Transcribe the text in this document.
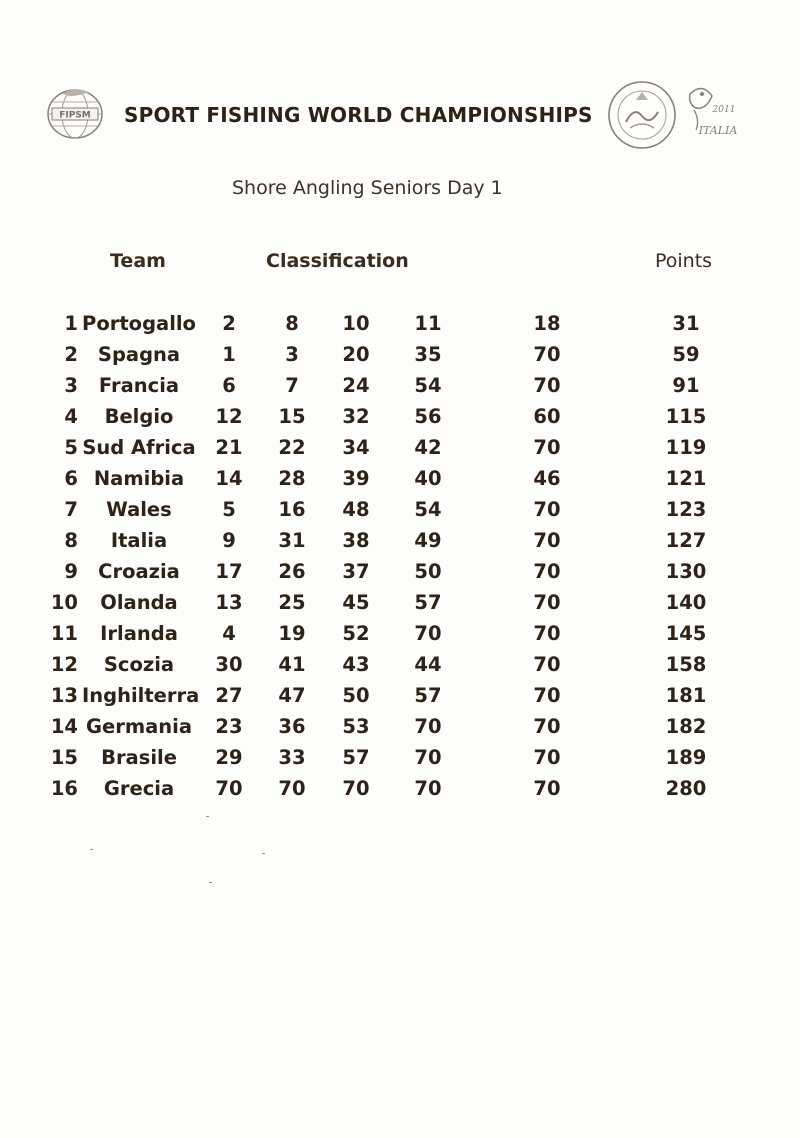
FIPSM SPORT FISHING WORLD CHAMPIONSHIPS	2011
ITALIA
Shore Angling Seniors Day 1
Team	Classification	Points
1 Portogallo	2	8	10	11	18	31
2	Spagna	1	3	20	35	70	59
3	Francia	6	7	24	54	70	91
4	Belgio	12	15	32	56	60	115
5 Sud Africa	21	22	34	42	70	119
6 Namibia	14	28	39	40	46	121
7	Wales	5	16	48	54	70	123
8	Italia	9	31	38	49	70	127
9	Croazia	17	26	37	50	70	130
10	Olanda	13	25	45	57	70	140
11	Irlanda	4	19	52	70	70	145
12	Scozia	30	41	43	44	70	158
13 Inghilterra 27	47	50	57	70	181
14 Germania	23	36	53	70	70	182
15	Brasile	29	33	57	70	70	189
16	Grecia	70	70	70	70	70	280
